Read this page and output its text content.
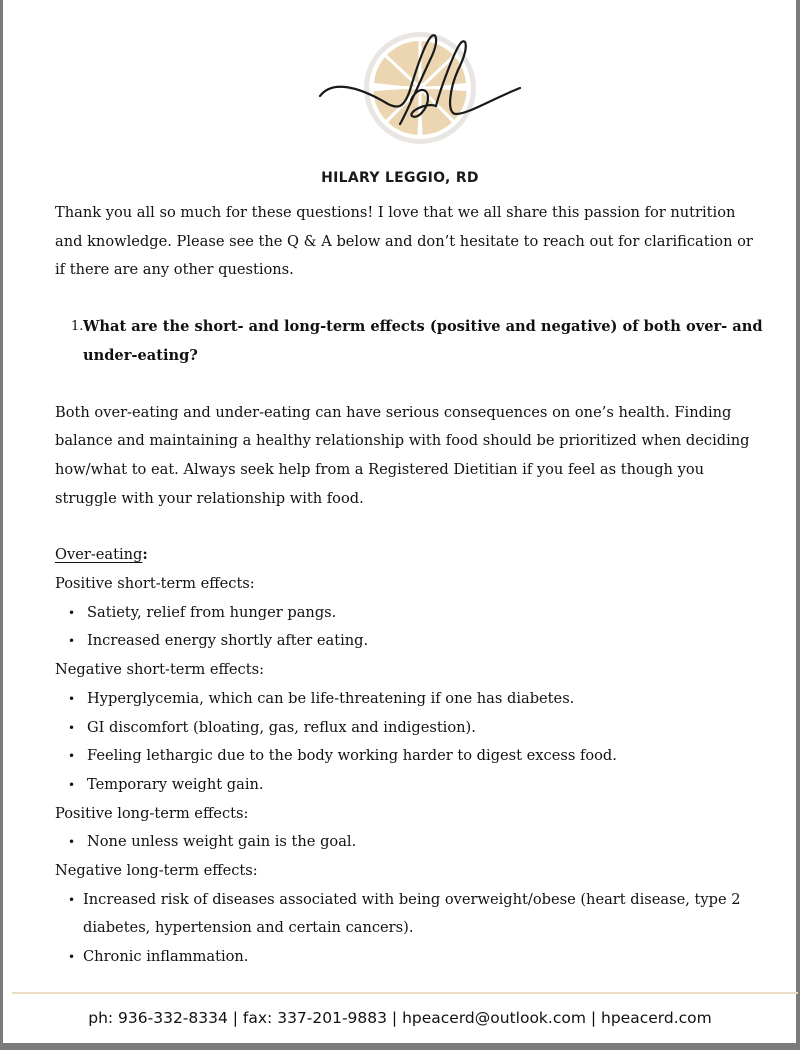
HILARY LEGGIO, RD

Thank you all so much for these questions! I love that we all share this passion for nutrition and knowledge. Please see the Q & A below and don’t hesitate to reach out for clarification or if there are any other questions.

1. What are the short- and long-term effects (positive and negative) of both over- and under-eating?

Both over-eating and under-eating can have serious consequences on one’s health. Finding balance and maintaining a healthy relationship with food should be prioritized when deciding how/what to eat. Always seek help from a Registered Dietitian if you feel as though you struggle with your relationship with food.

Over-eating:

Positive short-term effects:

• Satiety, relief from hunger pangs.
• Increased energy shortly after eating.

Negative short-term effects:

• Hyperglycemia, which can be life-threatening if one has diabetes.
• GI discomfort (bloating, gas, reflux and indigestion).
• Feeling lethargic due to the body working harder to digest excess food.
• Temporary weight gain.

Positive long-term effects:

• None unless weight gain is the goal.

Negative long-term effects:

• Increased risk of diseases associated with being overweight/obese (heart disease, type 2 diabetes, hypertension and certain cancers).
• Chronic inflammation.
ph: 936-332-8334 | fax: 337-201-9883 | hpeacerd@outlook.com | hpeacerd.com
